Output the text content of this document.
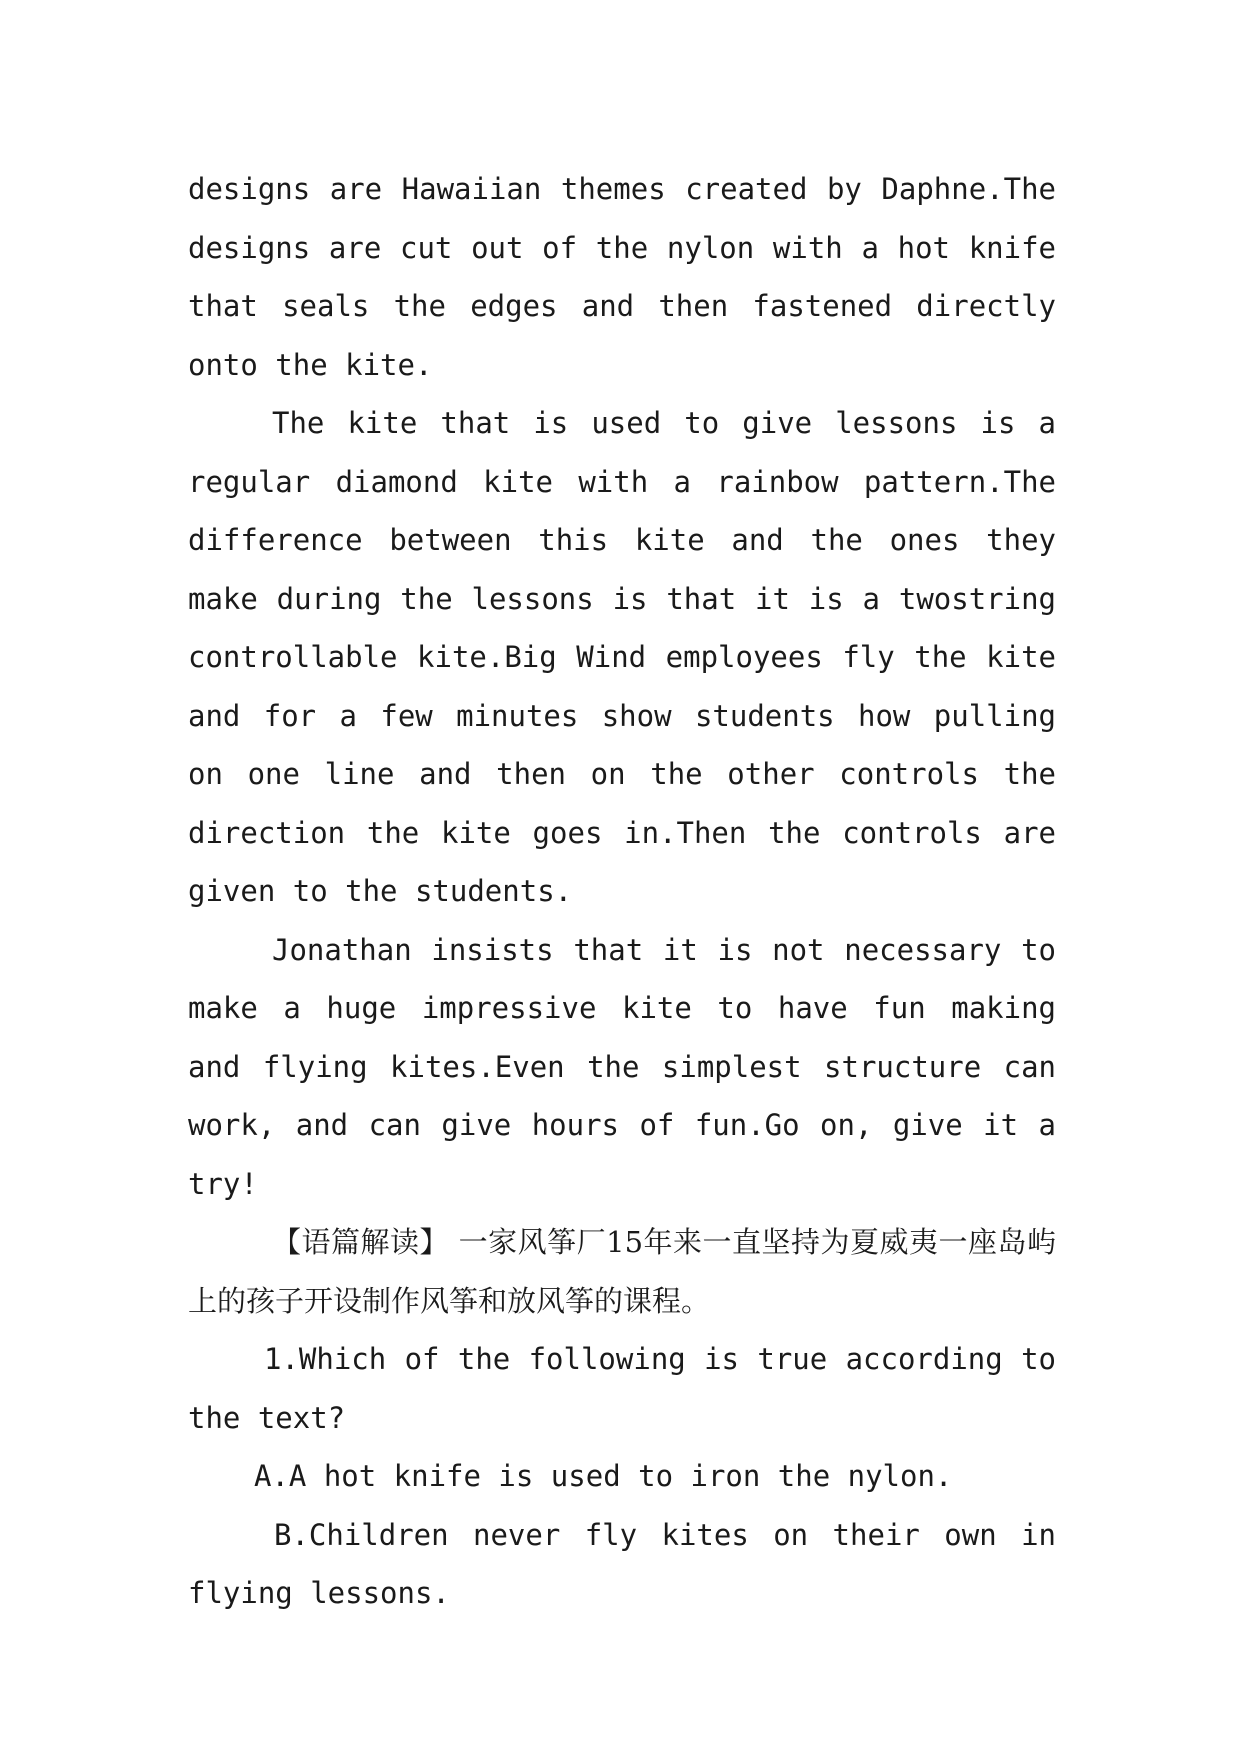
designs are Hawaiian themes created by Daphne.The designs are cut out of the nylon with a hot knife that seals the edges and then fastened directly onto the kite.

The kite that is used to give lessons is a regular diamond kite with a rainbow pattern.The difference between this kite and the ones they make during the lessons is that it is a twostring controllable kite.Big Wind employees fly the kite and for a few minutes show students how pulling on one line and then on the other controls the direction the kite goes in.Then the controls are given to the students.

Jonathan insists that it is not necessary to make a huge impressive kite to have fun making and flying kites.Even the simplest structure can work, and can give hours of fun.Go on, give it a try!

【语篇解读】 一家风筝厂15年来一直坚持为夏威夷一座岛屿上的孩子开设制作风筝和放风筝的课程。

1.Which of the following is true according to the text?

A.A hot knife is used to iron the nylon.

B.Children never fly kites on their own in flying lessons.
